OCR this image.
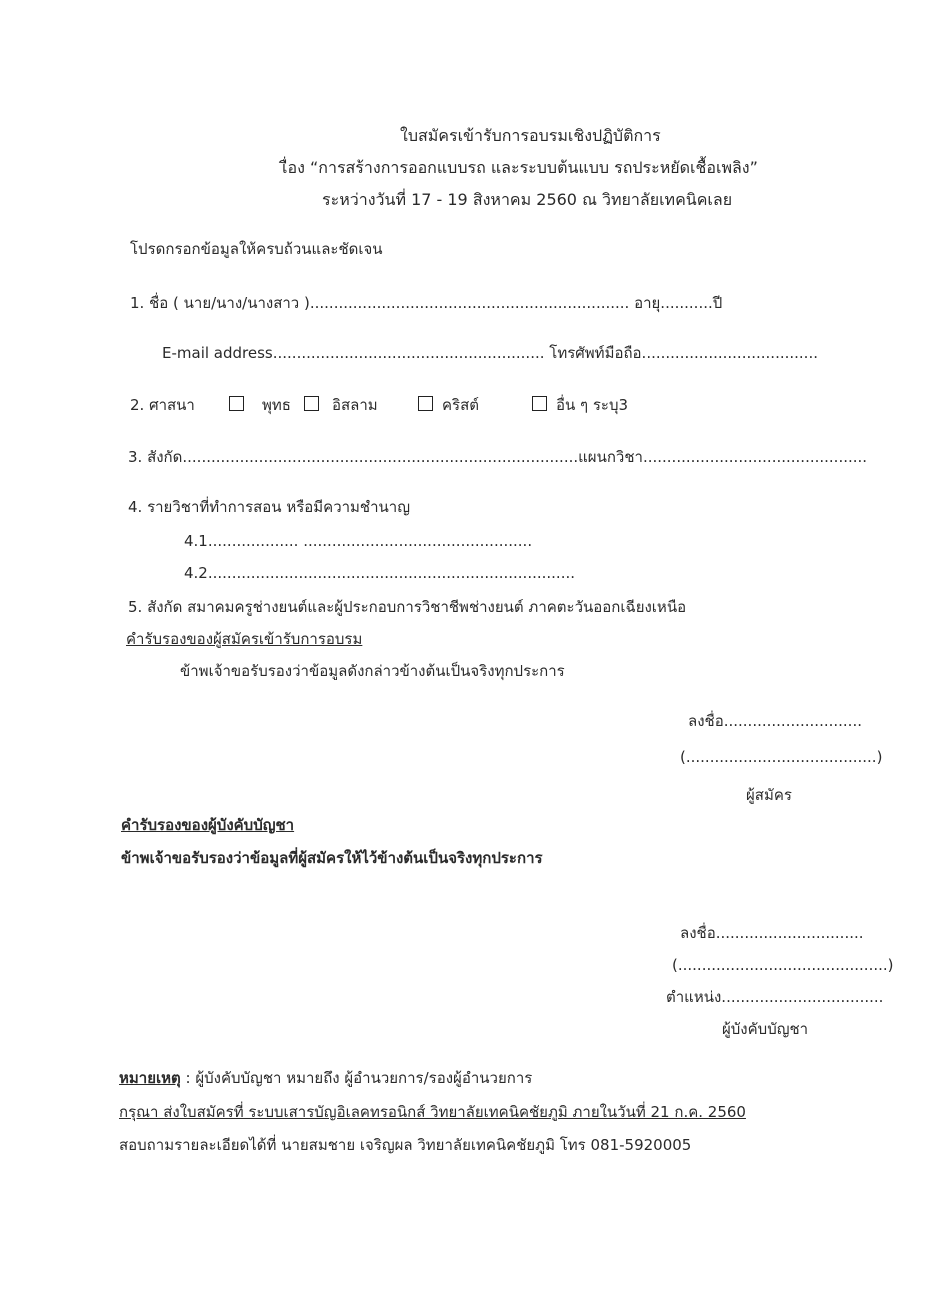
ใบสมัครเข้ารับการอบรมเชิงปฏิบัติการ
เื่อง “การสร้างการออกแบบรถ และระบบต้นแบบ รถประหยัดเชื้อเพลิง”
ระหว่างวันที่ 17 - 19 สิงหาคม 2560 ณ วิทยาลัยเทคนิคเลย
โปรดกรอกข้อมูลให้ครบถ้วนและชัดเจน
1. ชื่อ ( นาย/นาง/นางสาว )................................................................... อายุ...........ปี
E-mail address......................................................... โทรศัพท์มือถือ.....................................
2. ศาสนา	พุทธ	อิสลาม	คริสต์	อื่น ๆ ระบุ3
3. สังกัด...................................................................................แผนกวิชา...............................................
4. รายวิชาที่ทำการสอน หรือมีความชำนาญ
4.1................... ................................................
4.2.............................................................................
5. สังกัด สมาคมครูช่างยนต์และผู้ประกอบการวิชาชีพช่างยนต์ ภาคตะวันออกเฉียงเหนือ
คำรับรองของผู้สมัครเข้ารับการอบรม
ข้าพเจ้าขอรับรองว่าข้อมูลดังกล่าวข้างต้นเป็นจริงทุกประการ
ลงชื่อ.............................
(........................................)
ผู้สมัคร
คำรับรองของผู้บังคับบัญชา
ข้าพเจ้าขอรับรองว่าข้อมูลที่ผู้สมัครให้ไว้ข้างต้นเป็นจริงทุกประการ
ลงชื่อ...............................
(............................................)
ตำแหน่ง..................................
ผู้บังคับบัญชา
หมายเหตุ : ผู้บังคับบัญชา หมายถึง ผู้อำนวยการ/รองผู้อำนวยการ
กรุณา ส่งใบสมัครที่ ระบบเสารบัญอิเลคทรอนิกส์ วิทยาลัยเทคนิคชัยภูมิ ภายในวันที่ 21 ก.ค. 2560
สอบถามรายละเอียดได้ที่ นายสมชาย เจริญผล วิทยาลัยเทคนิคชัยภูมิ โทร 081-5920005
